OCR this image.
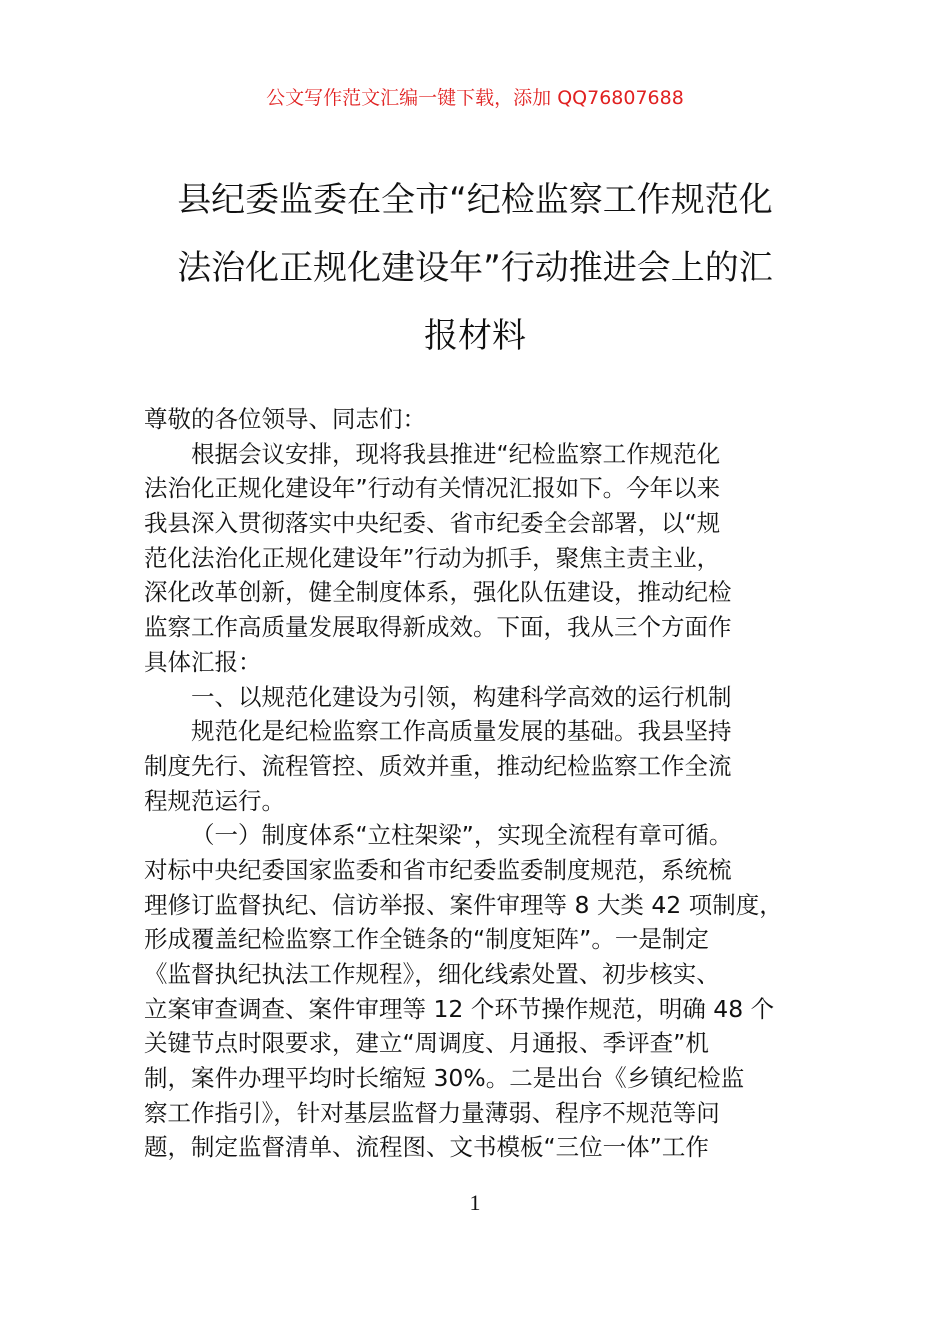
公文写作范文汇编一键下载，添加 QQ76807688
县纪委监委在全市“纪检监察工作规范化
法治化正规化建设年”行动推进会上的汇
报材料
尊敬的各位领导、同志们：
根据会议安排，现将我县推进“纪检监察工作规范化
法治化正规化建设年”行动有关情况汇报如下。今年以来
我县深入贯彻落实中央纪委、省市纪委全会部署，以“规
范化法治化正规化建设年”行动为抓手，聚焦主责主业，
深化改革创新，健全制度体系，强化队伍建设，推动纪检
监察工作高质量发展取得新成效。下面，我从三个方面作
具体汇报：
一、以规范化建设为引领，构建科学高效的运行机制
规范化是纪检监察工作高质量发展的基础。我县坚持
制度先行、流程管控、质效并重，推动纪检监察工作全流
程规范运行。
（一）制度体系“立柱架梁”，实现全流程有章可循。
对标中央纪委国家监委和省市纪委监委制度规范，系统梳
理修订监督执纪、信访举报、案件审理等 8 大类 42 项制度，
形成覆盖纪检监察工作全链条的“制度矩阵”。一是制定
《监督执纪执法工作规程》，细化线索处置、初步核实、
立案审查调查、案件审理等 12 个环节操作规范，明确 48 个
关键节点时限要求，建立“周调度、月通报、季评查”机
制，案件办理平均时长缩短 30%。二是出台《乡镇纪检监
察工作指引》，针对基层监督力量薄弱、程序不规范等问
题，制定监督清单、流程图、文书模板“三位一体”工作
1
